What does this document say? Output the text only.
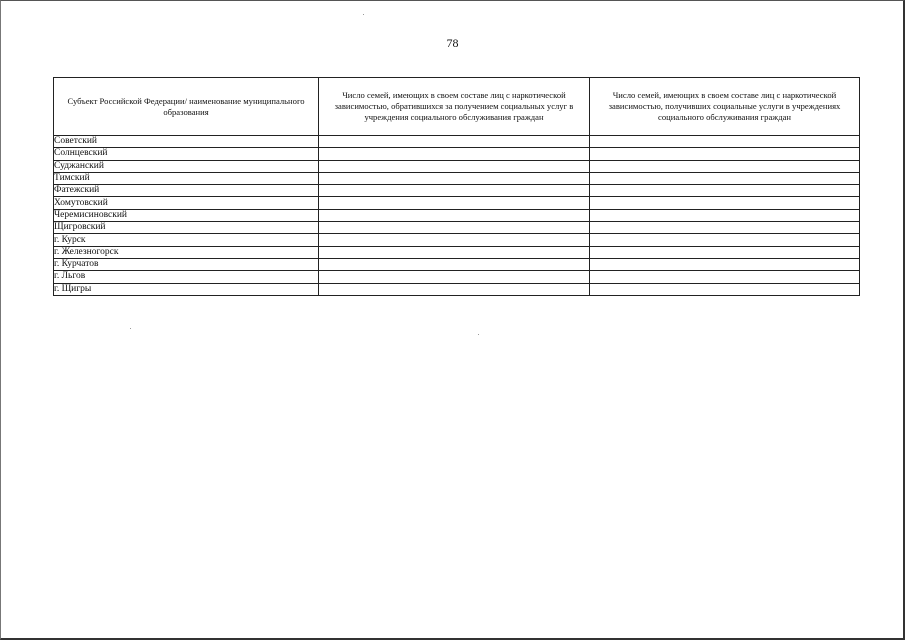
78
Субъект Российской Федерации/ наименование муниципального образования	Число семей, имеющих в своем составе лиц с наркотической зависимостью, обратившихся за получением социальных услуг в учреждения социального обслуживания граждан	Число семей, имеющих в своем составе лиц с наркотической зависимостью, получивших социальные услуги в учреждениях социального обслуживания граждан
Советский		
Солнцевский		
Суджанский		
Тимский		
Фатежский		
Хомутовский		
Черемисиновский		
Щигровский		
г. Курск		
г. Железногорск		
г. Курчатов		
г. Льгов		
г. Щигры		
